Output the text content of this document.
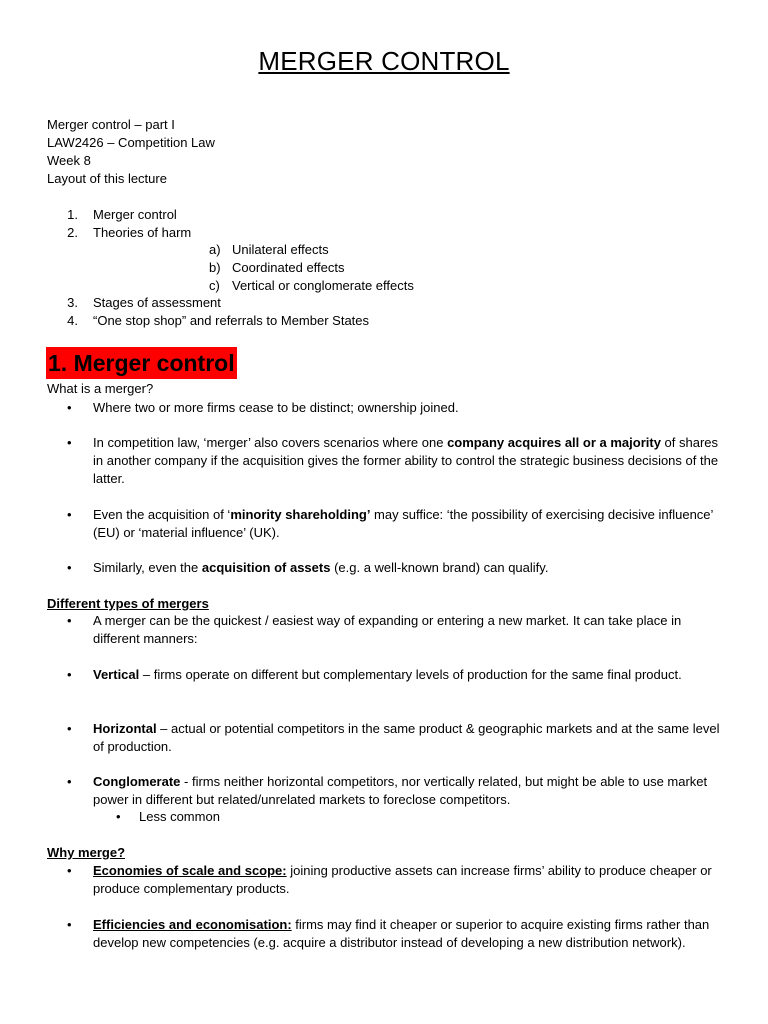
MERGER CONTROL
Merger control – part I
LAW2426 – Competition Law
Week 8
Layout of this lecture
1. Merger control
2. Theories of harm
a) Unilateral effects
b) Coordinated effects
c) Vertical or conglomerate effects
3. Stages of assessment
4. “One stop shop” and referrals to Member States
1. Merger control
What is a merger?
• Where two or more firms cease to be distinct; ownership joined.
• In competition law, ‘merger’ also covers scenarios where one company acquires all or a majority of shares in another company if the acquisition gives the former ability to control the strategic business decisions of the latter.
• Even the acquisition of ‘minority shareholding’ may suffice: ‘the possibility of exercising decisive influence’ (EU) or ‘material influence’ (UK).
• Similarly, even the acquisition of assets (e.g. a well-known brand) can qualify.
Different types of mergers
• A merger can be the quickest / easiest way of expanding or entering a new market. It can take place in different manners:
• Vertical – firms operate on different but complementary levels of production for the same final product.
• Horizontal – actual or potential competitors in the same product & geographic markets and at the same level of production.
• Conglomerate - firms neither horizontal competitors, nor vertically related, but might be able to use market power in different but related/unrelated markets to foreclose competitors.
• Less common
Why merge?
• Economies of scale and scope: joining productive assets can increase firms’ ability to produce cheaper or produce complementary products.
• Efficiencies and economisation: firms may find it cheaper or superior to acquire existing firms rather than develop new competencies (e.g. acquire a distributor instead of developing a new distribution network).
